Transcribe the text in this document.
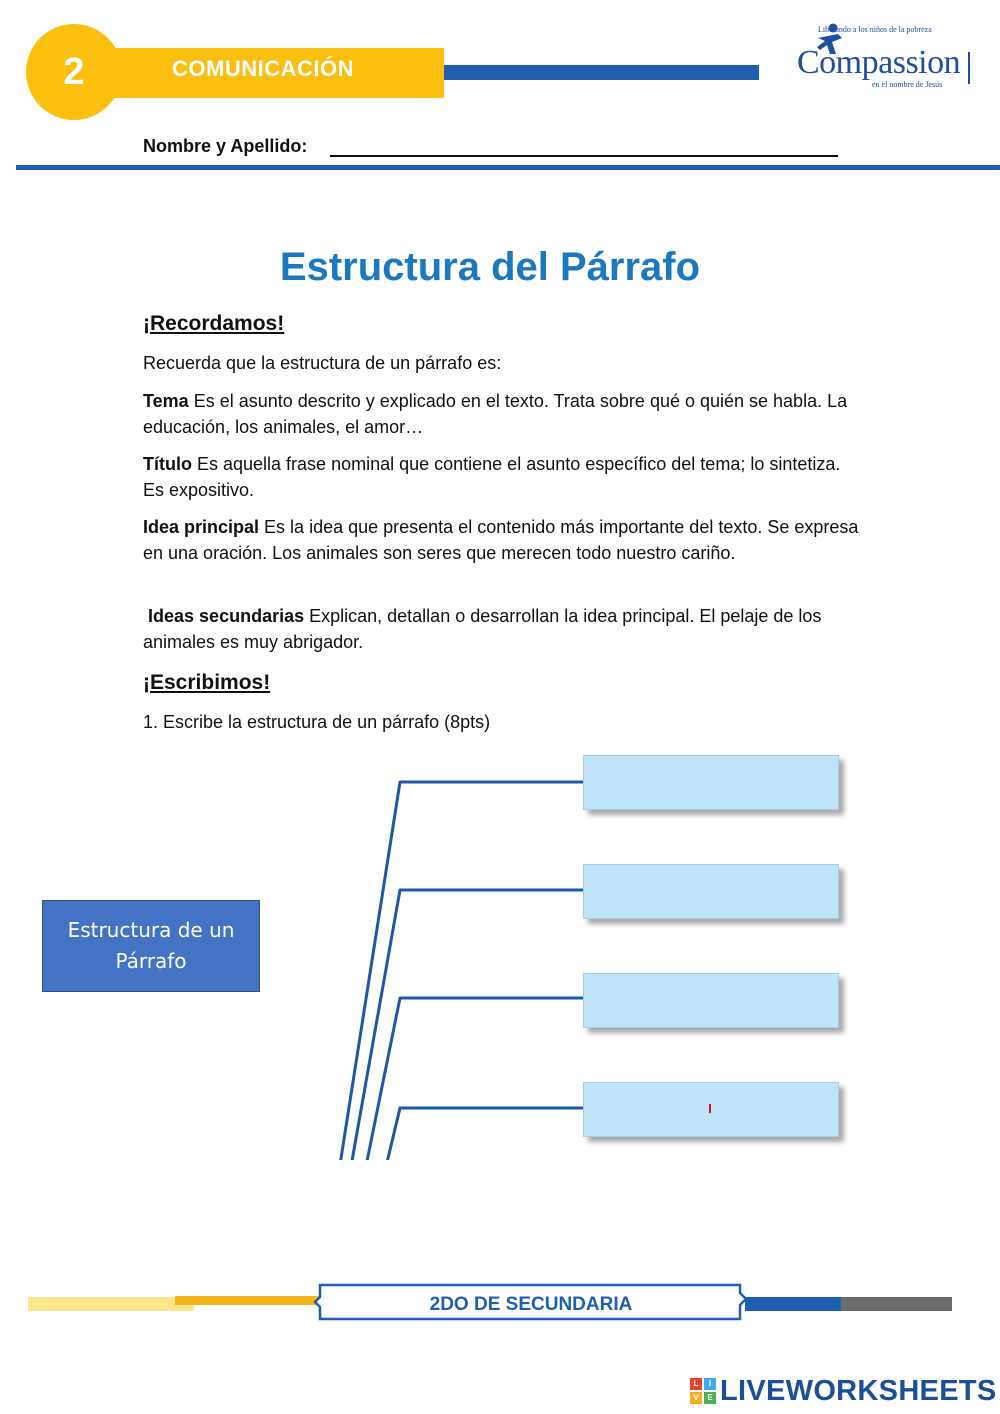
2	COMUNICACIÓN
Liberando a los niños de la pobreza
Compassion
en el nombre de Jesús
Nombre y Apellido:
Estructura del Párrafo
¡Recordamos!
Recuerda que la estructura de un párrafo es:
Tema Es el asunto descrito y explicado en el texto. Trata sobre qué o quién se habla. La educación, los animales, el amor…
Título Es aquella frase nominal que contiene el asunto específico del tema; lo sintetiza. Es expositivo.
Idea principal Es la idea que presenta el contenido más importante del texto. Se expresa en una oración. Los animales son seres que merecen todo nuestro cariño.
Ideas secundarias Explican, detallan o desarrollan la idea principal. El pelaje de los animales es muy abrigador.
¡Escribimos!
1. Escribe la estructura de un párrafo (8pts)
Estructura de un
Párrafo
2DO DE SECUNDARIA
L	I
V	E LIVEWORKSHEETS
